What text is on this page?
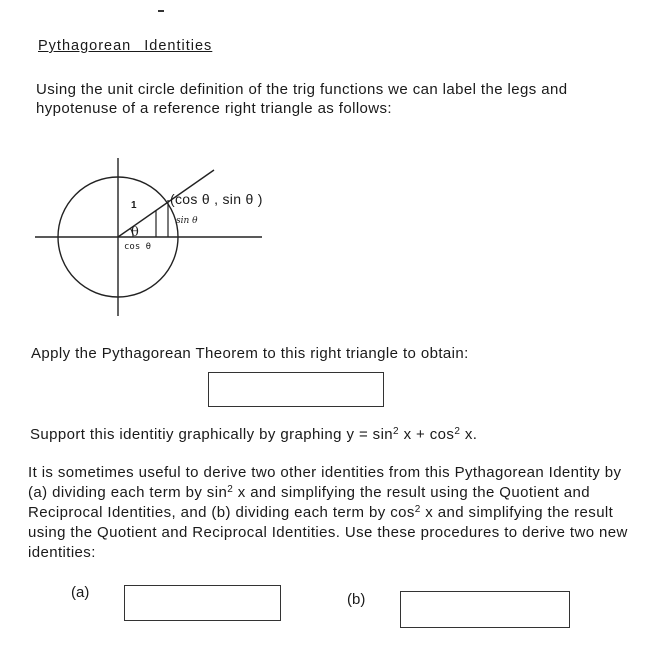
Pythagorean Identities
Using the unit circle definition of the trig functions we can label the legs and hypotenuse of a reference right triangle as follows:
(cos θ , sin θ )
1
θ
cos θ
sin θ
Apply the Pythagorean Theorem to this right triangle to obtain:
Support this identitiy graphically by graphing $y = \sin^2 x + \cos^2 x$.
It is sometimes useful to derive two other identities from this Pythagorean Identity by (a) dividing each term by $\sin^2 x$ and simplifying the result using the Quotient and Reciprocal Identities, and (b) dividing each term by $\cos^2 x$ and simplifying the result using the Quotient and Reciprocal Identities. Use these procedures to derive two new identities:
(a)	(b)
